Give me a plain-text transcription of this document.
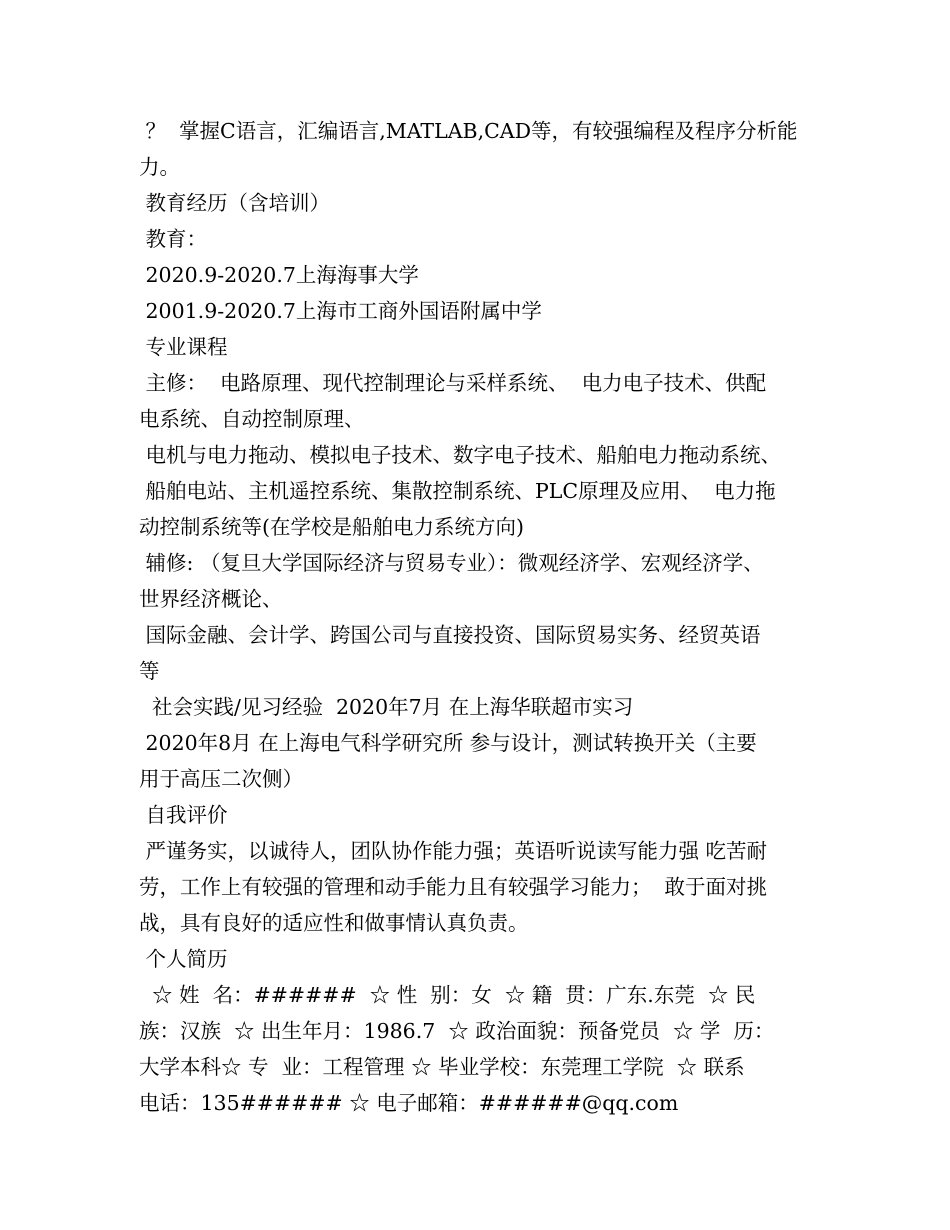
？  掌握C语言，汇编语言,MATLAB,CAD等，有较强编程及程序分析能
力。
教育经历（含培训）
教育：
2020.9-2020.7上海海事大学
2001.9-2020.7上海市工商外国语附属中学
专业课程
主修：  电路原理、现代控制理论与采样系统、  电力电子技术、供配
电系统、自动控制原理、
电机与电力拖动、模拟电子技术、数字电子技术、船舶电力拖动系统、
船舶电站、主机遥控系统、集散控制系统、PLC原理及应用、  电力拖
动控制系统等(在学校是船舶电力系统方向)
辅修: （复旦大学国际经济与贸易专业）：微观经济学、宏观经济学、
世界经济概论、
国际金融、会计学、跨国公司与直接投资、国际贸易实务、经贸英语
等
社会实践/见习经验  2020年7月 在上海华联超市实习
2020年8月 在上海电气科学研究所 参与设计，测试转换开关（主要
用于高压二次侧）
自我评价
严谨务实，以诚待人，团队协作能力强；英语听说读写能力强 吃苦耐
劳，工作上有较强的管理和动手能力且有较强学习能力；  敢于面对挑
战，具有良好的适应性和做事情认真负责。
个人简历
☆ 姓  名：######  ☆ 性  别：女  ☆ 籍  贯：广东.东莞  ☆ 民
族：汉族  ☆ 出生年月：1986.7  ☆ 政治面貌：预备党员  ☆ 学  历：
大学本科☆ 专  业：工程管理 ☆ 毕业学校：东莞理工学院  ☆ 联系
电话：135###### ☆ 电子邮箱：######@qq.com
